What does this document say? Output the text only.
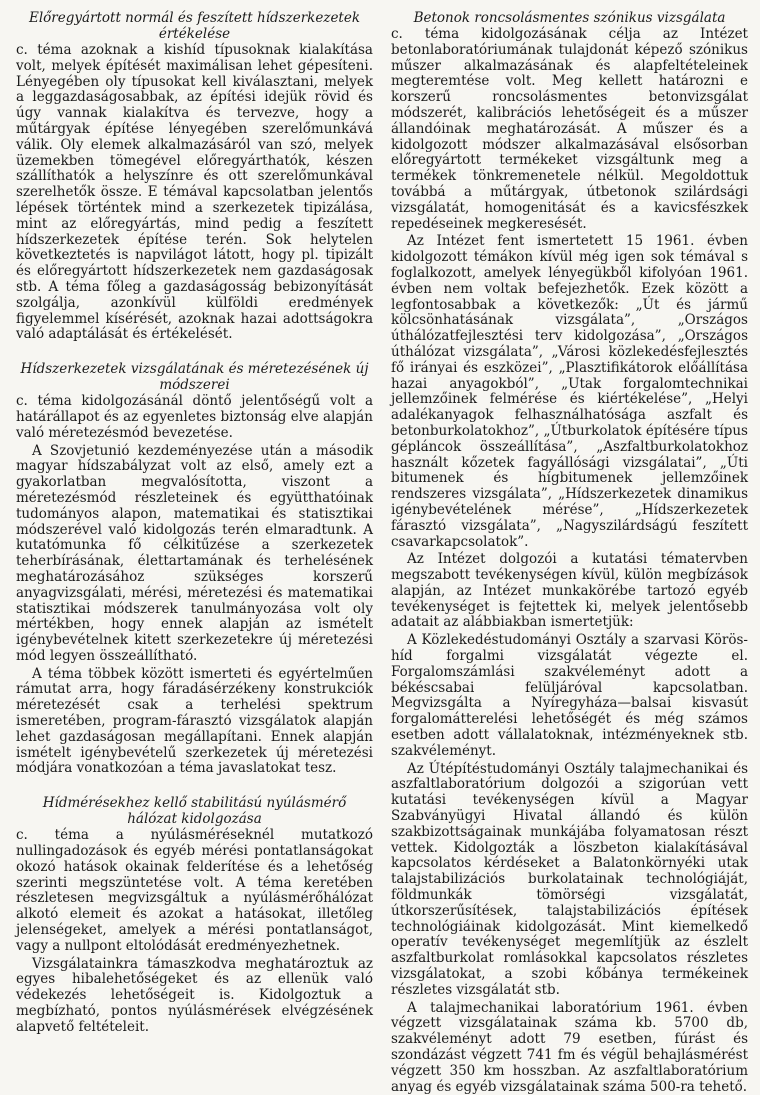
Előregyártott normál és feszített hídszerkezetek értékelése

c. téma azoknak a kishíd típusoknak kialakítása volt, melyek építését maximálisan lehet gépesíteni. Lényegében oly típusokat kell kiválasztani, melyek a leggazdaságosabbak, az építési idejük rövid és úgy vannak kialakítva és tervezve, hogy a műtárgyak építése lényegében szerelőmunkává válik. Oly elemek alkalmazásáról van szó, melyek üzemekben tömegével előregyárthatók, készen szállíthatók a helyszínre és ott szerelőmunkával szerelhetők össze. E témával kapcsolatban jelentős lépések történtek mind a szerkezetek tipizálása, mint az előregyártás, mind pedig a feszített hídszerkezetek építése terén. Sok helytelen következtetés is napvilágot látott, hogy pl. tipizált és előregyártott hídszerkezetek nem gazdaságosak stb. A téma főleg a gazdaságosság bebizonyítását szolgálja, azonkívül külföldi eredmények figyelemmel kísérését, azoknak hazai adottságokra való adaptálását és értékelését.

Hídszerkezetek vizsgálatának és méretezésének új módszerei

c. téma kidolgozásánál döntő jelentőségű volt a határállapot és az egyenletes biztonság elve alapján való méretezésmód bevezetése.

A Szovjetunió kezdeményezése után a második magyar hídszabályzat volt az első, amely ezt a gyakorlatban megvalósította, viszont a méretezésmód részleteinek és együtthatóinak tudományos alapon, matematikai és statisztikai módszerével való kidolgozás terén elmaradtunk. A kutatómunka fő célkitűzése a szerkezetek teherbírásának, élettartamának és terhelésének meghatározásához szükséges korszerű anyagvizsgálati, mérési, méretezési és matematikai statisztikai módszerek tanulmányozása volt oly mértékben, hogy ennek alapján az ismételt igénybevételnek kitett szerkezetekre új méretezési mód legyen összeállítható.

A téma többek között ismerteti és egyértelműen rámutat arra, hogy fáradásérzékeny konstrukciók méretezését csak a terhelési spektrum ismeretében, program-fárasztó vizsgálatok alapján lehet gazdaságosan megállapítani. Ennek alapján ismételt igénybevételű szerkezetek új méretezési módjára vonatkozóan a téma javaslatokat tesz.

Hídmérésekhez kellő stabilitású nyúlásmérő hálózat kidolgozása

c. téma a nyúlásméréseknél mutatkozó nullingadozások és egyéb mérési pontatlanságokat okozó hatások okainak felderítése és a lehetőség szerinti megszüntetése volt. A téma keretében részletesen megvizsgáltuk a nyúlásmérőhálózat alkotó elemeit és azokat a hatásokat, illetőleg jelenségeket, amelyek a mérési pontatlanságot, vagy a nullpont eltolódását eredményezhetnek.

Vizsgálatainkra támaszkodva meghatároztuk az egyes hibalehetőségeket és az ellenük való védekezés lehetőségeit is. Kidolgoztuk a megbízható, pontos nyúlásmérések elvégzésének alapvető feltételeit.

Betonok roncsolásmentes szónikus vizsgálata

c. téma kidolgozásának célja az Intézet betonlaboratóriumának tulajdonát képező szónikus műszer alkalmazásának és alapfeltételeinek megteremtése volt. Meg kellett határozni e korszerű roncsolásmentes betonvizsgálat módszerét, kalibrációs lehetőségeit és a műszer állandóinak meghatározását. A műszer és a kidolgozott módszer alkalmazásával elsősorban előregyártott termékeket vizsgáltunk meg a termékek tönkremenetele nélkül. Megoldottuk továbbá a műtárgyak, útbetonok szilárdsági vizsgálatát, homogenitását és a kavicsfészkek repedéseinek megkeresését.

Az Intézet fent ismertetett 15 1961. évben kidolgozott témákon kívül még igen sok témával s foglalkozott, amelyek lényegükből kifolyóan 1961. évben nem voltak befejezhetők. Ezek között a legfontosabbak a következők: „Út és jármű kölcsönhatásának vizsgálata”, „Országos úthálózatfejlesztési terv kidolgozása”, „Országos úthálózat vizsgálata”, „Városi közlekedésfejlesztés fő irányai és eszközei”, „Plasztifikátorok előállítása hazai anyagokból”, „Utak forgalomtechnikai jellemzőinek felmérése és kiértékelése”, „Helyi adalékanyagok felhasználhatósága aszfalt és betonburkolatokhoz”, „Útburkolatok építésére típus gépláncok összeállítása”, „Aszfaltburkolatokhoz használt kőzetek fagyállósági vizsgálatai”, „Úti bitumenek és hígbitumenek jellemzőinek rendszeres vizsgálata”, „Hídszerkezetek dinamikus igénybevételének mérése”, „Hídszerkezetek fárasztó vizsgálata”, „Nagyszilárdságú feszített csavarkapcsolatok”.

Az Intézet dolgozói a kutatási tématervben megszabott tevékenységen kívül, külön megbízások alapján, az Intézet munkakörébe tartozó egyéb tevékenységet is fejtettek ki, melyek jelentősebb adatait az alábbiakban ismertetjük:

A Közlekedéstudományi Osztály a szarvasi Körös-híd forgalmi vizsgálatát végezte el. Forgalomszámlási szakvéleményt adott a békéscsabai felüljáróval kapcsolatban. Megvizsgálta a Nyíregyháza—balsai kisvasút forgalomátterelési lehetőségét és még számos esetben adott vállalatoknak, intézményeknek stb. szakvéleményt.

Az Útépítéstudományi Osztály talajmechanikai és aszfaltlaboratórium dolgozói a szigorúan vett kutatási tevékenységen kívül a Magyar Szabványügyi Hivatal állandó és külön szakbizottságainak munkájába folyamatosan részt vettek. Kidolgozták a löszbeton kialakításával kapcsolatos kérdéseket a Balatonkörnyéki utak talajstabilizációs burkolatainak technológiáját, földmunkák tömörségi vizsgálatát, útkorszerűsítések, talajstabilizációs építések technológiáinak kidolgozását. Mint kiemelkedő operatív tevékenységet megemlítjük az észlelt aszfaltburkolat romlásokkal kapcsolatos részletes vizsgálatokat, a szobi kőbánya termékeinek részletes vizsgálatát stb.

A talajmechanikai laboratórium 1961. évben végzett vizsgálatainak száma kb. 5700 db, szakvéleményt adott 79 esetben, fúrást és szondázást végzett 741 fm és végül behajlásmérést végzett 350 km hosszban. Az aszfaltlaboratórium anyag és egyéb vizsgálatainak száma 500-ra tehető.
